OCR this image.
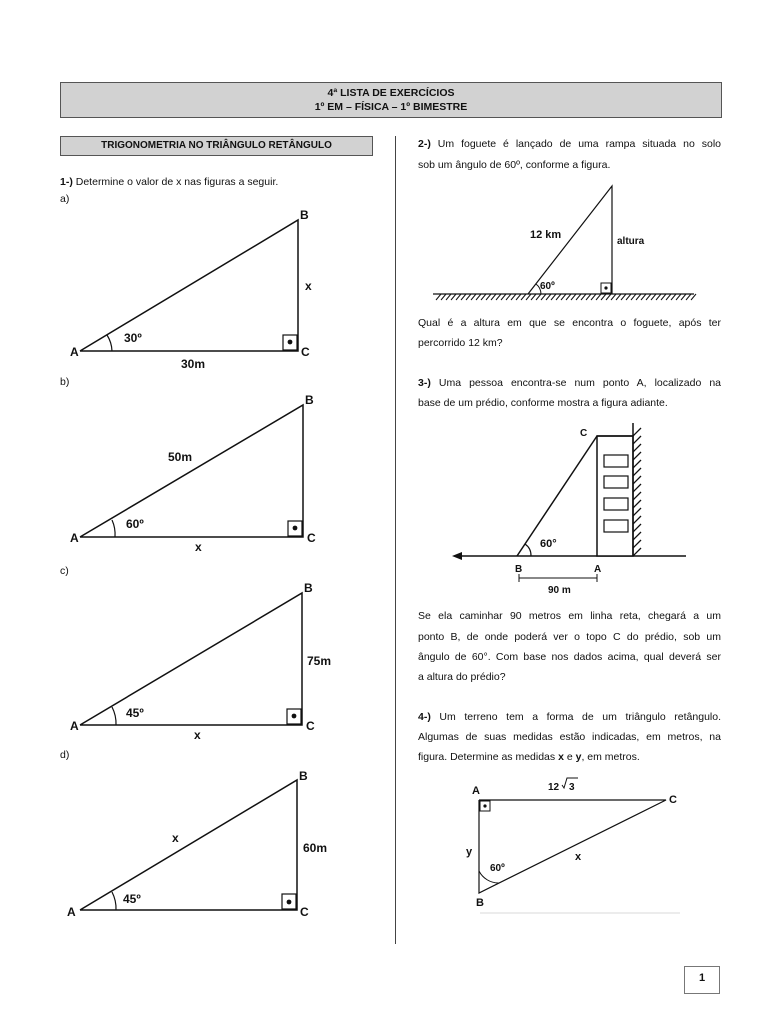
4ª LISTA DE EXERCÍCIOS
1º EM – FÍSICA – 1º BIMESTRE
TRIGONOMETRIA NO TRIÂNGULO RETÂNGULO
1-) Determine o valor de x nas figuras a seguir.
a)
b)
c)
d)
A
B
C
30º
x
30m
A
B
C
60º
50m
x
A
B
C
45º
75m
x
A
B
C
45º
x
60m
12 km
altura
60º
C
60°
B	A
90 m
A
B
C
12 3
y	x
60º
2-) Um foguete é lançado de uma rampa situada no solo
sob um ângulo de 60º, conforme a figura.
Qual é a altura em que se encontra o foguete, após ter
percorrido 12 km?
3-) Uma pessoa encontra-se num ponto A, localizado na
base de um prédio, conforme mostra a figura adiante.
Se ela caminhar 90 metros em linha reta, chegará a um
ponto B, de onde poderá ver o topo C do prédio, sob um
ângulo de 60°. Com base nos dados acima, qual deverá ser
a altura do prédio?
4-) Um terreno tem a forma de um triângulo retângulo.
Algumas de suas medidas estão indicadas, em metros, na
figura. Determine as medidas x e y, em metros.
1
